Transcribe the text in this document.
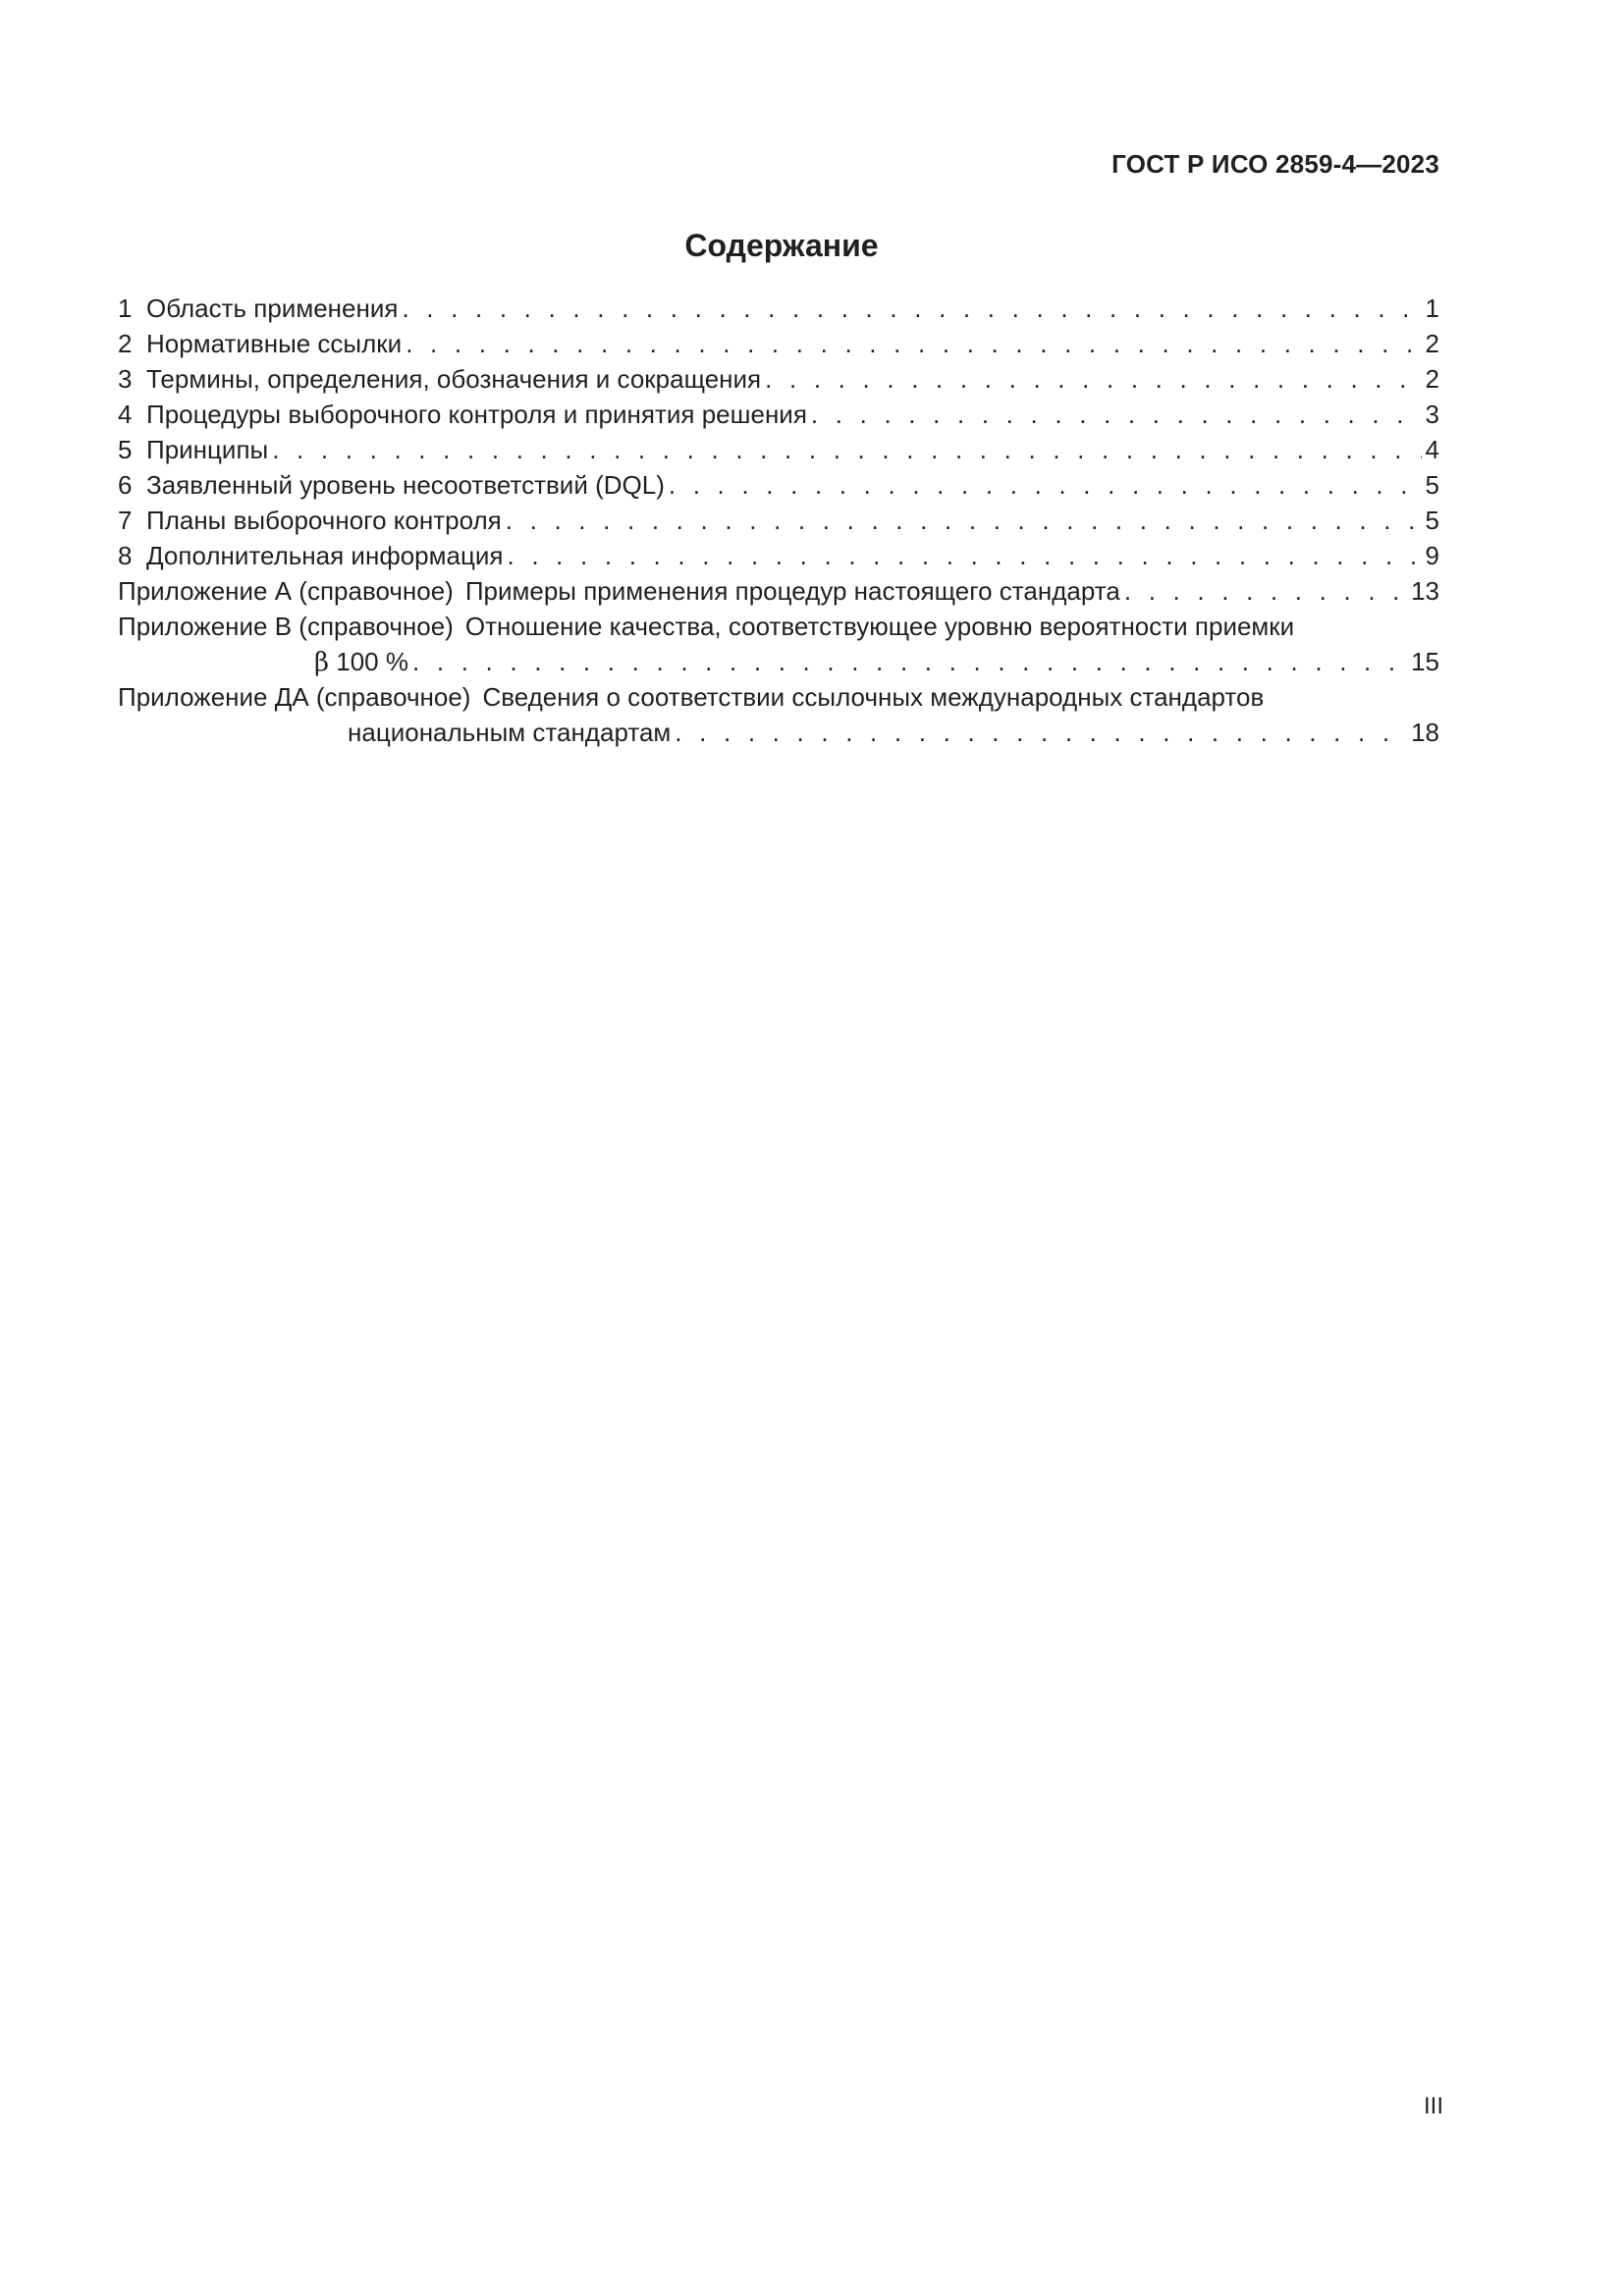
ГОСТ Р ИСО 2859-4—2023
Содержание
1 Область применения . . .	1
2 Нормативные ссылки . . .	2
3 Термины, определения, обозначения и сокращения . . .	2
4 Процедуры выборочного контроля и принятия решения . . .	3
5 Принципы . . .	4
6 Заявленный уровень несоответствий (DQL) . . .	5
7 Планы выборочного контроля . . .	5
8 Дополнительная информация . . .	9
Приложение А (справочное) Примеры применения процедур настоящего стандарта . . .	13
Приложение В (справочное) Отношение качества, соответствующее уровню вероятности приемки
β 100 % . . .	15
Приложение ДА (справочное) Сведения о соответствии ссылочных международных стандартов
национальным стандартам . . .	18
III
